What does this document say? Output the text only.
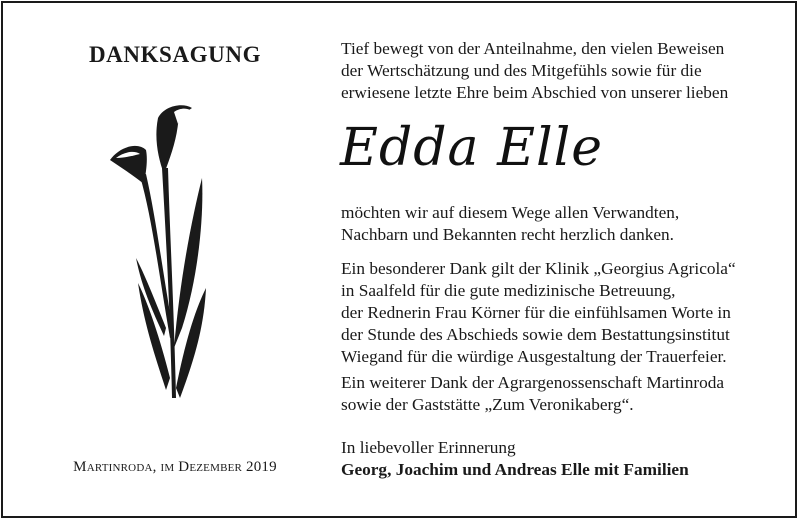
DANKSAGUNG
Martinroda, im Dezember 2019

Tief bewegt von der Anteilnahme, den vielen Beweisen

der Wertschätzung und des Mitgefühls sowie für die

erwiesene letzte Ehre beim Abschied von unserer lieben

Edda Elle

möchten wir auf diesem Wege allen Verwandten,

Nachbarn und Bekannten recht herzlich danken.

Ein besonderer Dank gilt der Klinik „Georgius Agricola“

in Saalfeld für die gute medizinische Betreuung,

der Rednerin Frau Körner für die einfühlsamen Worte in

der Stunde des Abschieds sowie dem Bestattungsinstitut

Wiegand für die würdige Ausgestaltung der Trauerfeier.

Ein weiterer Dank der Agrargenossenschaft Martinroda

sowie der Gaststätte „Zum Veronikaberg“.

In liebevoller Erinnerung

Georg, Joachim und Andreas Elle mit Familien
